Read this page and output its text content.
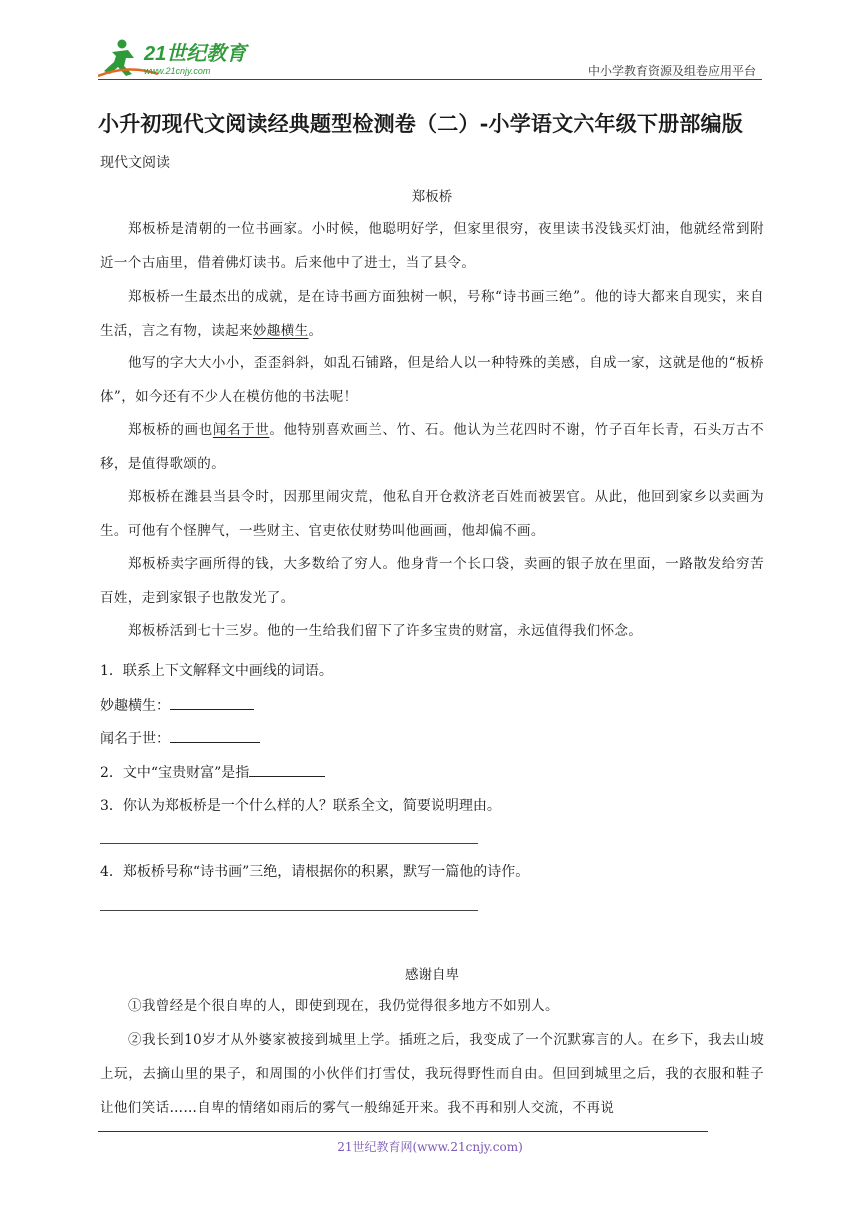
21世纪教育
www.21cnjy.com	中小学教育资源及组卷应用平台
小升初现代文阅读经典题型检测卷（二）-小学语文六年级下册部编版
现代文阅读
郑板桥
郑板桥是清朝的一位书画家。小时候，他聪明好学，但家里很穷，夜里读书没钱买灯油，他就经常到附近一个古庙里，借着佛灯读书。后来他中了进士，当了县令。
郑板桥一生最杰出的成就，是在诗书画方面独树一帜，号称“诗书画三绝”。他的诗大都来自现实，来自生活，言之有物，读起来妙趣横生。
他写的字大大小小，歪歪斜斜，如乱石铺路，但是给人以一种特殊的美感，自成一家，这就是他的“板桥体”，如今还有不少人在模仿他的书法呢！
郑板桥的画也闻名于世。他特别喜欢画兰、竹、石。他认为兰花四时不谢，竹子百年长青，石头万古不移，是值得歌颂的。
郑板桥在潍县当县令时，因那里闹灾荒，他私自开仓救济老百姓而被罢官。从此，他回到家乡以卖画为生。可他有个怪脾气，一些财主、官吏依仗财势叫他画画，他却偏不画。
郑板桥卖字画所得的钱，大多数给了穷人。他身背一个长口袋，卖画的银子放在里面，一路散发给穷苦百姓，走到家银子也散发光了。
郑板桥活到七十三岁。他的一生给我们留下了许多宝贵的财富，永远值得我们怀念。
1．联系上下文解释文中画线的词语。
妙趣横生：
闻名于世：
2．文中“宝贵财富”是指
3．你认为郑板桥是一个什么样的人？联系全文，简要说明理由。
4．郑板桥号称“诗书画”三绝，请根据你的积累，默写一篇他的诗作。
感谢自卑
①我曾经是个很自卑的人，即使到现在，我仍觉得很多地方不如别人。
②我长到10岁才从外婆家被接到城里上学。插班之后，我变成了一个沉默寡言的人。在乡下，我去山坡上玩，去摘山里的果子，和周围的小伙伴们打雪仗，我玩得野性而自由。但回到城里之后，我的衣服和鞋子让他们笑话……自卑的情绪如雨后的雾气一般绵延开来。我不再和别人交流，不再说
21世纪教育网(www.21cnjy.com)
